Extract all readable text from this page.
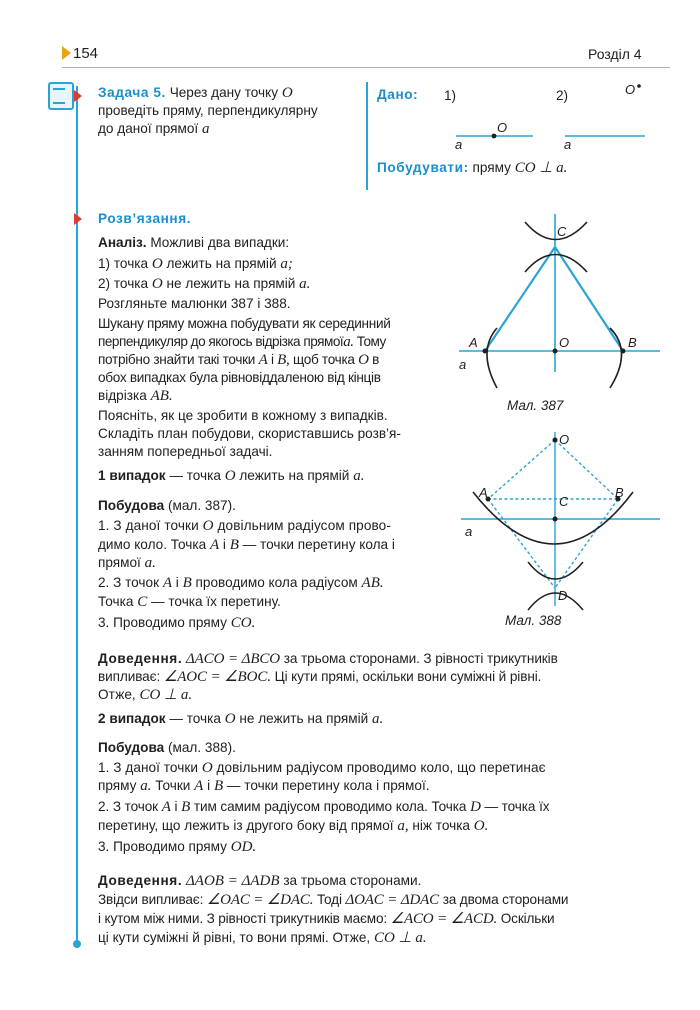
154	Розділ 4
Задача 5. Через дану точку O
проведіть пряму, перпендикулярну
до даної прямої a
Дано: 1)	2)
O
a	a
O
Побудувати: пряму CO ⊥ a.
Розв’язання.
Аналіз. Можливі два випадки:
1) точка O лежить на прямій a;
2) точка O не лежить на прямій a.
Розгляньте малюнки 387 і 388.
Шукану пряму можна побудувати як серединний
перпендикуляр до якогось відрізка прямоїa. Тому
потрібно знайти такі точки A і B, щоб точка O в
обох випадках була рівновіддаленою від кінців
відрізка AB.
Поясніть, як це зробити в кожному з випадків.
Складіть план побудови, скориставшись розв’я-
занням попередньої задачі.
1 випадок — точка O лежить на прямій a.
Побудова (мал. 387).
1. З даної точки O довільним радіусом прово-
димо коло. Точка A і B — точки перетину кола і
прямої a.
2. З точок A і B проводимо кола радіусом AB.
Точка C — точка їх перетину.
3. Проводимо пряму CO.
Доведення. ΔACO = ΔBCO за трьома сторонами. З рівності трикутників
випливає: ∠AOC = ∠BOC. Ці кути прямі, оскільки вони суміжні й рівні.
Отже, CO ⊥ a.
2 випадок — точка O не лежить на прямій a.
Побудова (мал. 388).
1. З даної точки O довільним радіусом проводимо коло, що перетинає
пряму a. Точки A і B — точки перетину кола і прямої.
2. З точок A і B тим самим радіусом проводимо кола. Точка D — точка їх
перетину, що лежить із другого боку від прямої a, ніж точка O.
3. Проводимо пряму OD.
Доведення. ΔAOB = ΔADB за трьома сторонами.
Звідси випливає: ∠OAC = ∠DAC. Тоді ΔOAC = ΔDAC за двома сторонами
і кутом між ними. З рівності трикутників маємо: ∠ACO = ∠ACD. Оскільки
ці кути суміжні й рівні, то вони прямі. Отже, CO ⊥ a.
C
A	O	B
a
Мал. 387
O
A
C
B
D
a
Мал. 388
